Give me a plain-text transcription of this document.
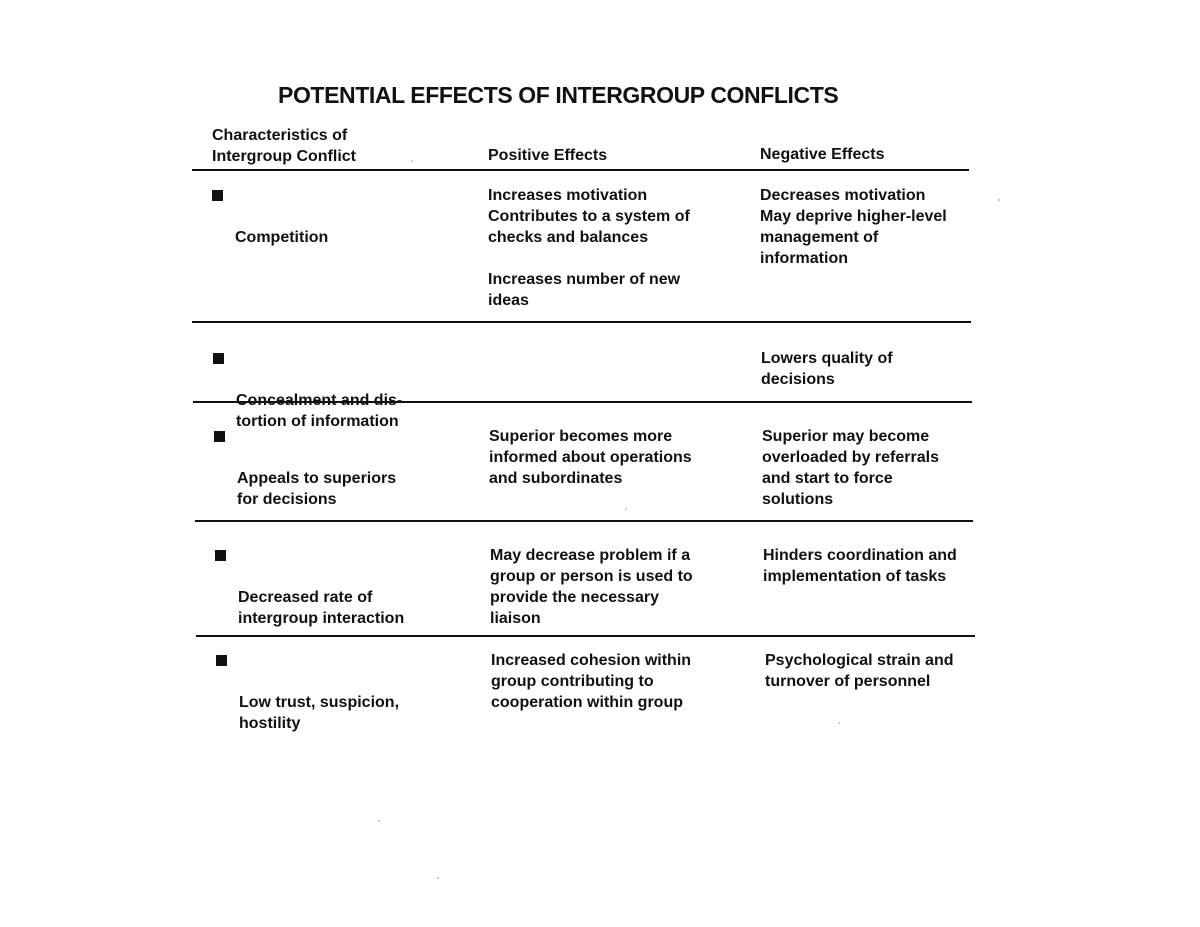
POTENTIAL EFFECTS OF INTERGROUP CONFLICTS
Characteristics of
Intergroup Conflict	Positive Effects	Negative Effects

Competition

Increases motivation
Contributes to a system of
checks and balances

Increases number of new
ideas
Decreases motivation
May deprive higher-level
management of
information

tortion of information

Lowers quality of
decisions

Appeals to superiors
for decisions

Superior becomes more
informed about operations
and subordinates
Superior may become
overloaded by referrals
and start to force
solutions

Decreased rate of
intergroup interaction

May decrease problem if a
group or person is used to
provide the necessary
liaison
Hinders coordination and
implementation of tasks

Low trust, suspicion,
hostility

Increased cohesion within
group contributing to
cooperation within group
Psychological strain and
turnover of personnel
